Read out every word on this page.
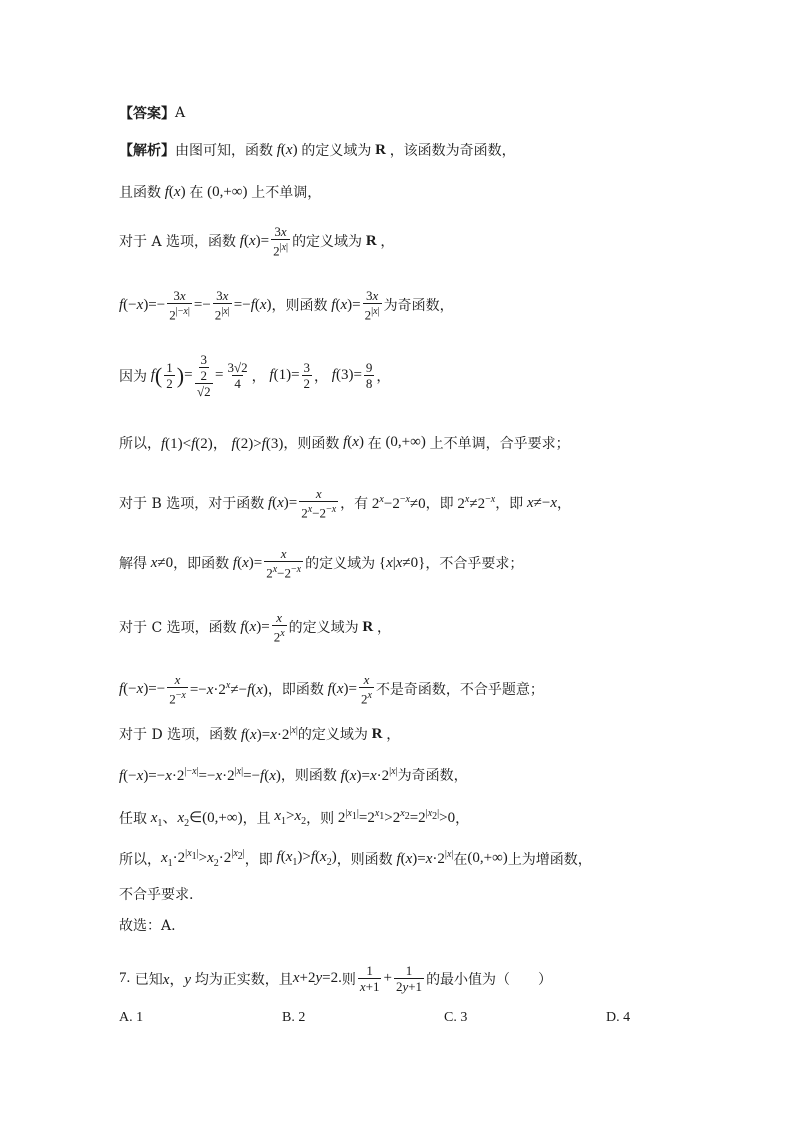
【答案】 A
【解析】 由图可知，函数 f(x) 的定义域为 R ，该函数为奇函数，
且函数 f(x) 在 (0,+∞) 上不单调，
对于 A 选项，函数 $f(x)= \frac{3x}{2^{|x|}}$ 的定义域为 R ，
$f(-x)=- \frac{3x}{2^{|-x|}} =- \frac{3x}{2^{|x|}} =-f(x)$ ，则函数 $f(x)= \frac{3x}{2^{|x|}}$ 为奇函数，
因为 f ( $\frac{1}{2}$ ) = $\frac{\frac{3}{2}}{√2} = \frac{3√2}{4}$ ， $f(1)= \frac{3}{2}$ ， $f(3)= \frac{9}{8}$ ，
所以， f(1)<f(2)， f(2)>f(3) ，则函数 f(x) 在 (0,+∞) 上不单调，合乎要求；
对于 B 选项，对于函数 $f(x)= \frac{x}{2^x-2^{-x}}$ ，有 $2^x-2^{-x}\ne 0$ ，即 $2^x\ne 2^{-x}$ ，即 x≠−x ，
解得 x≠0 ，即函数 $f(x)= \frac{x}{2^x-2^{-x}}$ 的定义域为 {x|x≠0} ，不合乎要求；
对于 C 选项，函数 $f(x)= \frac{x}{2^x}$ 的定义域为 R ，
$f(-x)=- \frac{x}{2^{-x}} =-x\cdot 2^x\ne-f(x)$ ，即函数 $f(x)= \frac{x}{2^x}$ 不是奇函数，不合乎题意；
对于 D 选项，函数 $f(x)=x\cdot 2^{|x|}$ 的定义域为 R ，
$f(-x)=-x\cdot 2^{|-x|}=-x\cdot 2^{|x|}=-f(x)$ ，则函数 $f(x)=x\cdot 2^{|x|}$ 为奇函数，
任取 $x_1$、$x_2\in(0,+\infty)$ ，且 $x_1>x_2$ ，则 $2^{|x_1|}=2^{x_1}>2^{x_2}=2^{|x_2|}>0$ ，
所以， $x_1\cdot 2^{|x_1|}>x_2\cdot 2^{|x_2|}$ ，即 $f(x_1)>f(x_2)$ ，则函数 $f(x)=x\cdot 2^{|x|}$ 在 (0,+∞) 上为增函数，
不合乎要求.
故选：A.
7.
已知 x，y 均为正实数，且 x+2y=2. 则 $\frac{1}{x+1} + \frac{1}{2y+1}$ 的最小值为（　　）
A. 1	B. 2	C. 3	D. 4
